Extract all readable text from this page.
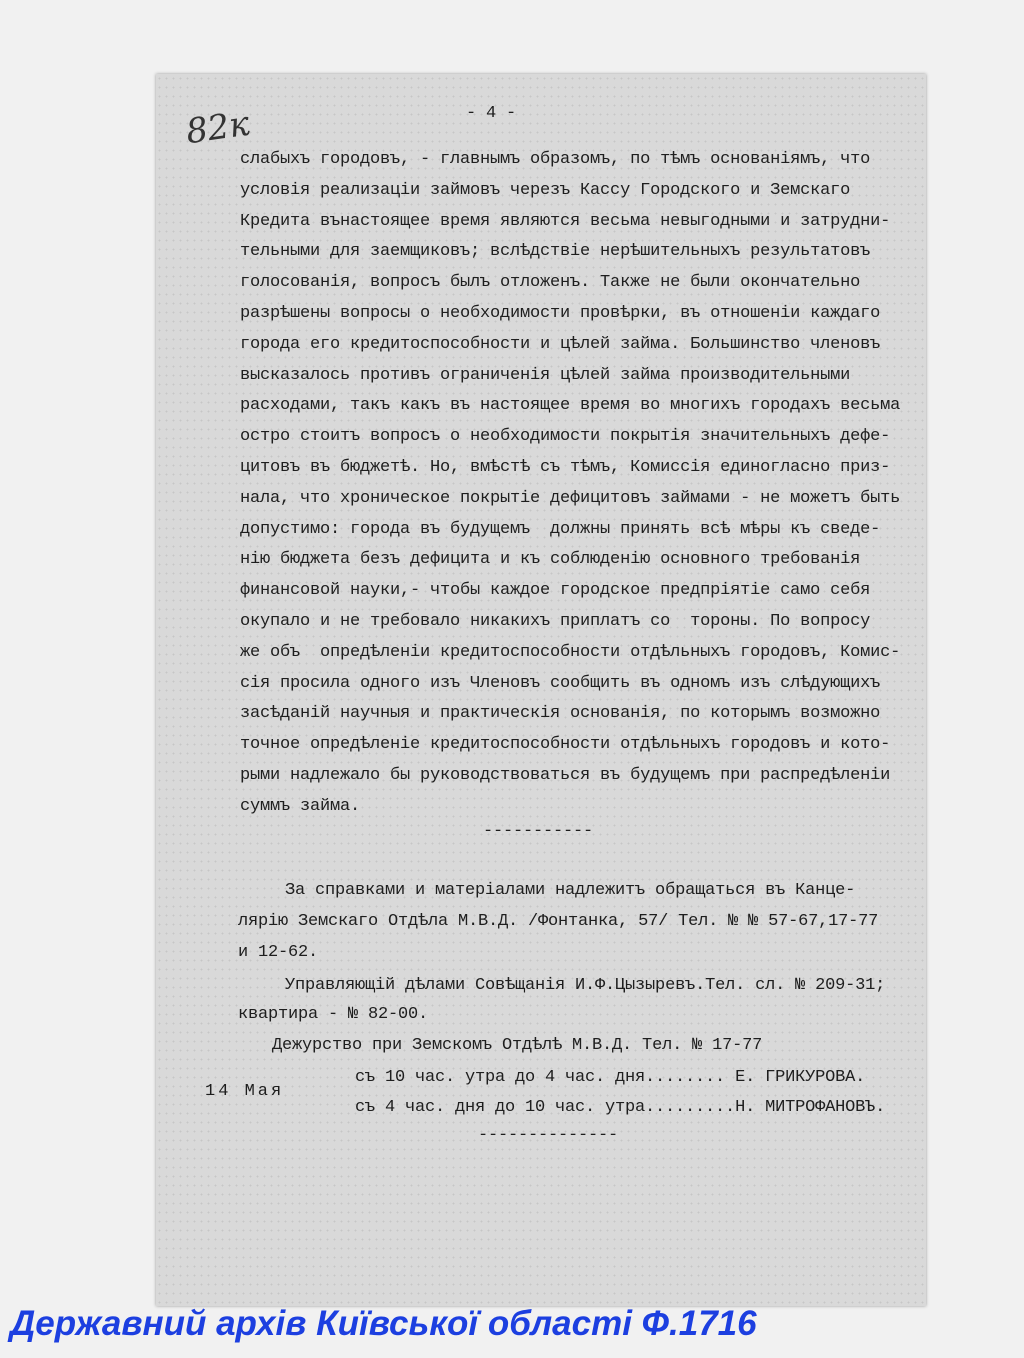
82к	- 4 -
слабыхъ городовъ, - главнымъ образомъ, по тѣмъ основаніямъ, что
условія реализаціи займовъ черезъ Кассу Городского и Земскаго
Кредита вънастоящее время являются весьма невыгодными и затрудни-
тельными для заемщиковъ; вслѣдствіе нерѣшительныхъ результатовъ
голосованія, вопросъ былъ отложенъ. Также не были окончательно
разрѣшены вопросы о необходимости провѣрки, въ отношеніи каждаго
города его кредитоспособности и цѣлей займа. Большинство членовъ
высказалось противъ ограниченія цѣлей займа производительными
расходами, такъ какъ въ настоящее время во многихъ городахъ весьма
остро стоитъ вопросъ о необходимости покрытія значительныхъ дефе-
цитовъ въ бюджетѣ. Но, вмѣстѣ съ тѣмъ, Комиссія единогласно приз-
нала, что хроническое покрытіе дефицитовъ займами - не можетъ быть
допустимо: города въ будущемъ  должны принять всѣ мѣры къ сведе-
нію бюджета безъ дефицита и къ соблюденію основного требованія
финансовой науки,- чтобы каждое городское предпріятіе само себя
окупало и не требовало никакихъ приплатъ со  тороны. По вопросу
же объ  опредѣленіи кредитоспособности отдѣльныхъ городовъ, Комис-
сія просила одного изъ Членовъ сообщить въ одномъ изъ слѣдующихъ
засѣданій научныя и практическія основанія, по которымъ возможно
точное опредѣленіе кредитоспособности отдѣльныхъ городовъ и кото-
рыми надлежало бы руководствоваться въ будущемъ при распредѣленіи
суммъ займа.
-----------
За справками и матеріалами надлежитъ обращаться въ Канце-
лярію Земскаго Отдѣла М.В.Д. /Фонтанка, 57/ Тел. № № 57-67,17-77
и 12-62.
Управляющій дѣлами Совѣщанія И.Ф.Цызыревъ.Тел. сл. № 209-31;
квартира - № 82-00.
Дежурство при Земскомъ Отдѣлѣ М.В.Д. Тел. № 17-77
14 Мая
съ 10 час. утра до 4 час. дня........ Е. ГРИКУРОВА.
съ 4 час. дня до 10 час. утра.........Н. МИТРОФАНОВЪ.
--------------
Державний архів Київської області Ф.1716
